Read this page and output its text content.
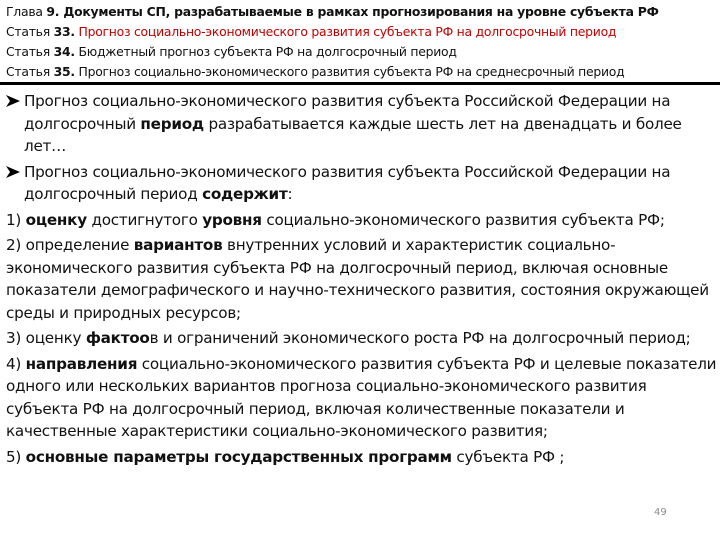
Глава 9. Документы СП, разрабатываемые в рамках прогнозирования на уровне субъекта РФ
Статья 33. Прогноз социально-экономического развития субъекта РФ на долгосрочный период
Статья 34. Бюджетный прогноз субъекта РФ на долгосрочный период
Статья 35. Прогноз социально-экономического развития субъекта РФ на среднесрочный период
Прогноз социально-экономического развития субъекта Российской Федерации на долгосрочный период разрабатывается каждые шесть лет на двенадцать и более лет…
Прогноз социально-экономического развития субъекта Российской Федерации на долгосрочный период содержит:
1) оценку достигнутого уровня социально-экономического развития субъекта РФ;
2) определение вариантов внутренних условий и характеристик социально-экономического развития субъекта РФ на долгосрочный период, включая основные показатели демографического и научно-технического развития, состояния окружающей среды и природных ресурсов;
3) оценку фактоов и ограничений экономического роста РФ на долгосрочный период;
4) направления социально-экономического развития субъекта РФ и целевые показатели одного или нескольких вариантов прогноза социально-экономического развития субъекта РФ на долгосрочный период, включая количественные показатели и качественные характеристики социально-экономического развития;
5) основные параметры государственных программ субъекта РФ ;
49
